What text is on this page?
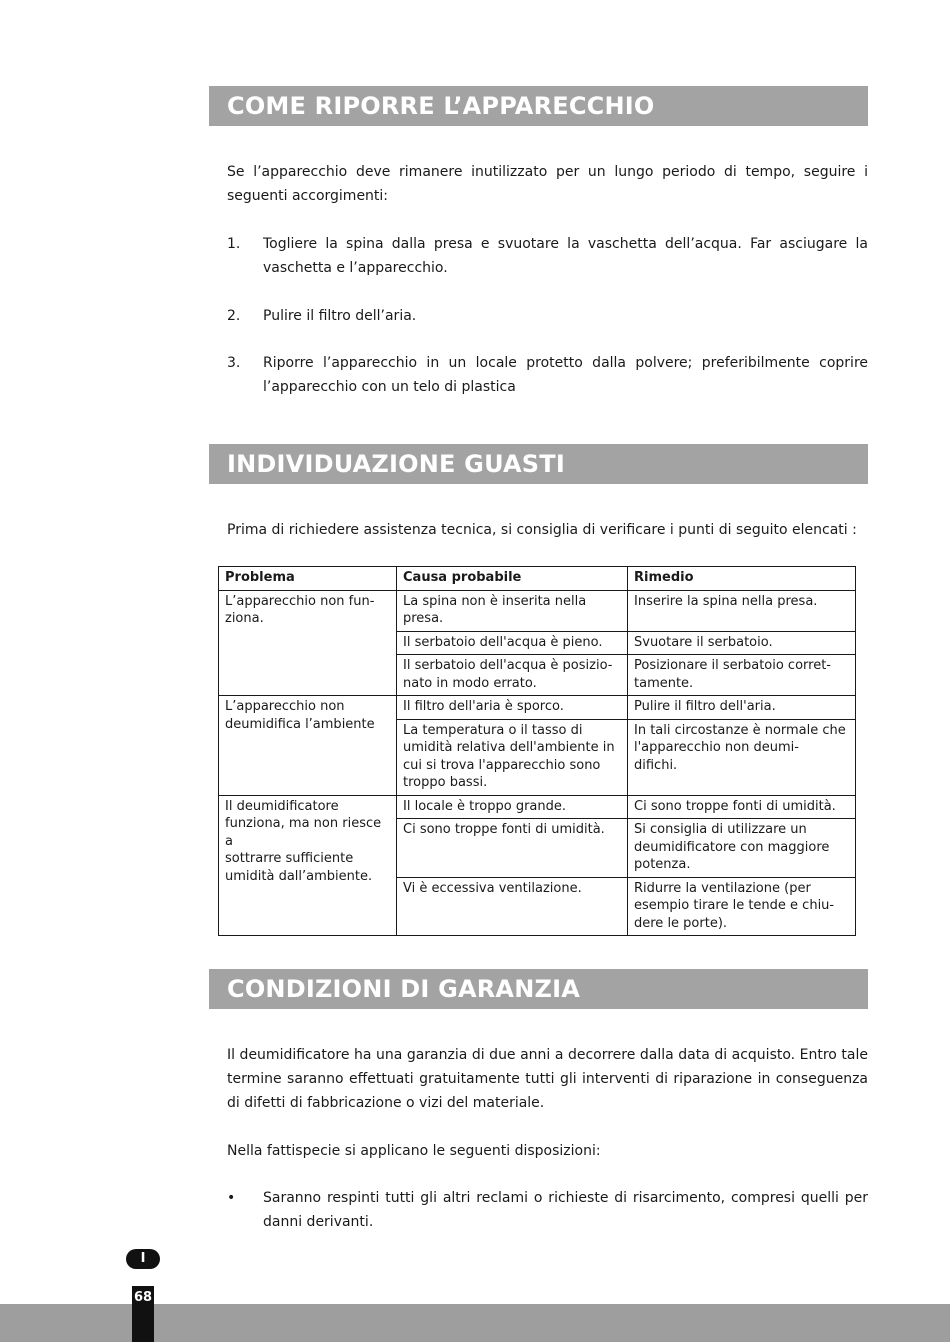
COME RIPORRE L’APPARECCHIO

Se l’apparecchio deve rimanere inutilizzato per un lungo periodo di tempo, seguire i seguenti accorgimenti:

1.	Togliere la spina dalla presa e svuotare la vaschetta dell’acqua. Far asciugare la vaschetta e l’apparecchio.
2.	Pulire il filtro dell’aria.
3.	Riporre l’apparecchio in un locale protetto dalla polvere; preferibilmente coprire l’apparecchio con un telo di plastica
INDIVIDUAZIONE GUASTI

Prima di richiedere assistenza tecnica, si consiglia di verificare i punti di seguito elencati :

Problema	Causa probabile	Rimedio
L’apparecchio non fun-
ziona.	La spina non è inserita nella presa.	Inserire la spina nella presa.
	Il serbatoio dell'acqua è pieno.	Svuotare il serbatoio.
	Il serbatoio dell'acqua è posizio-
nato in modo errato.	Posizionare il serbatoio corret-
tamente.
L’apparecchio non deumidifica l’ambiente	Il filtro dell'aria è sporco.	Pulire il filtro dell'aria.
	La temperatura o il tasso di umidità relativa dell'ambiente in cui si trova l'apparecchio sono troppo bassi.	In tali circostanze è normale che l'apparecchio non deumi-
difichi.
Il deumidificatore funziona, ma non riesce a
sottrarre sufficiente umidità dall’ambiente.	Il locale è troppo grande.	Ci sono troppe fonti di umidità.
	Ci sono troppe fonti di umidità.	Si consiglia di utilizzare un deumidificatore con maggiore potenza.
	Vi è eccessiva ventilazione.	Ridurre la ventilazione (per esempio tirare le tende e chiu-
dere le porte).
CONDIZIONI DI GARANZIA

Il deumidificatore ha una garanzia di due anni a decorrere dalla data di acquisto. Entro tale termine saranno effettuati gratuitamente tutti gli interventi di riparazione in conseguenza di difetti di fabbricazione o vizi del materiale.

Nella fattispecie si applicano le seguenti disposizioni:

•	Saranno respinti tutti gli altri reclami o richieste di risarcimento, compresi quelli per danni derivanti.
I
68
